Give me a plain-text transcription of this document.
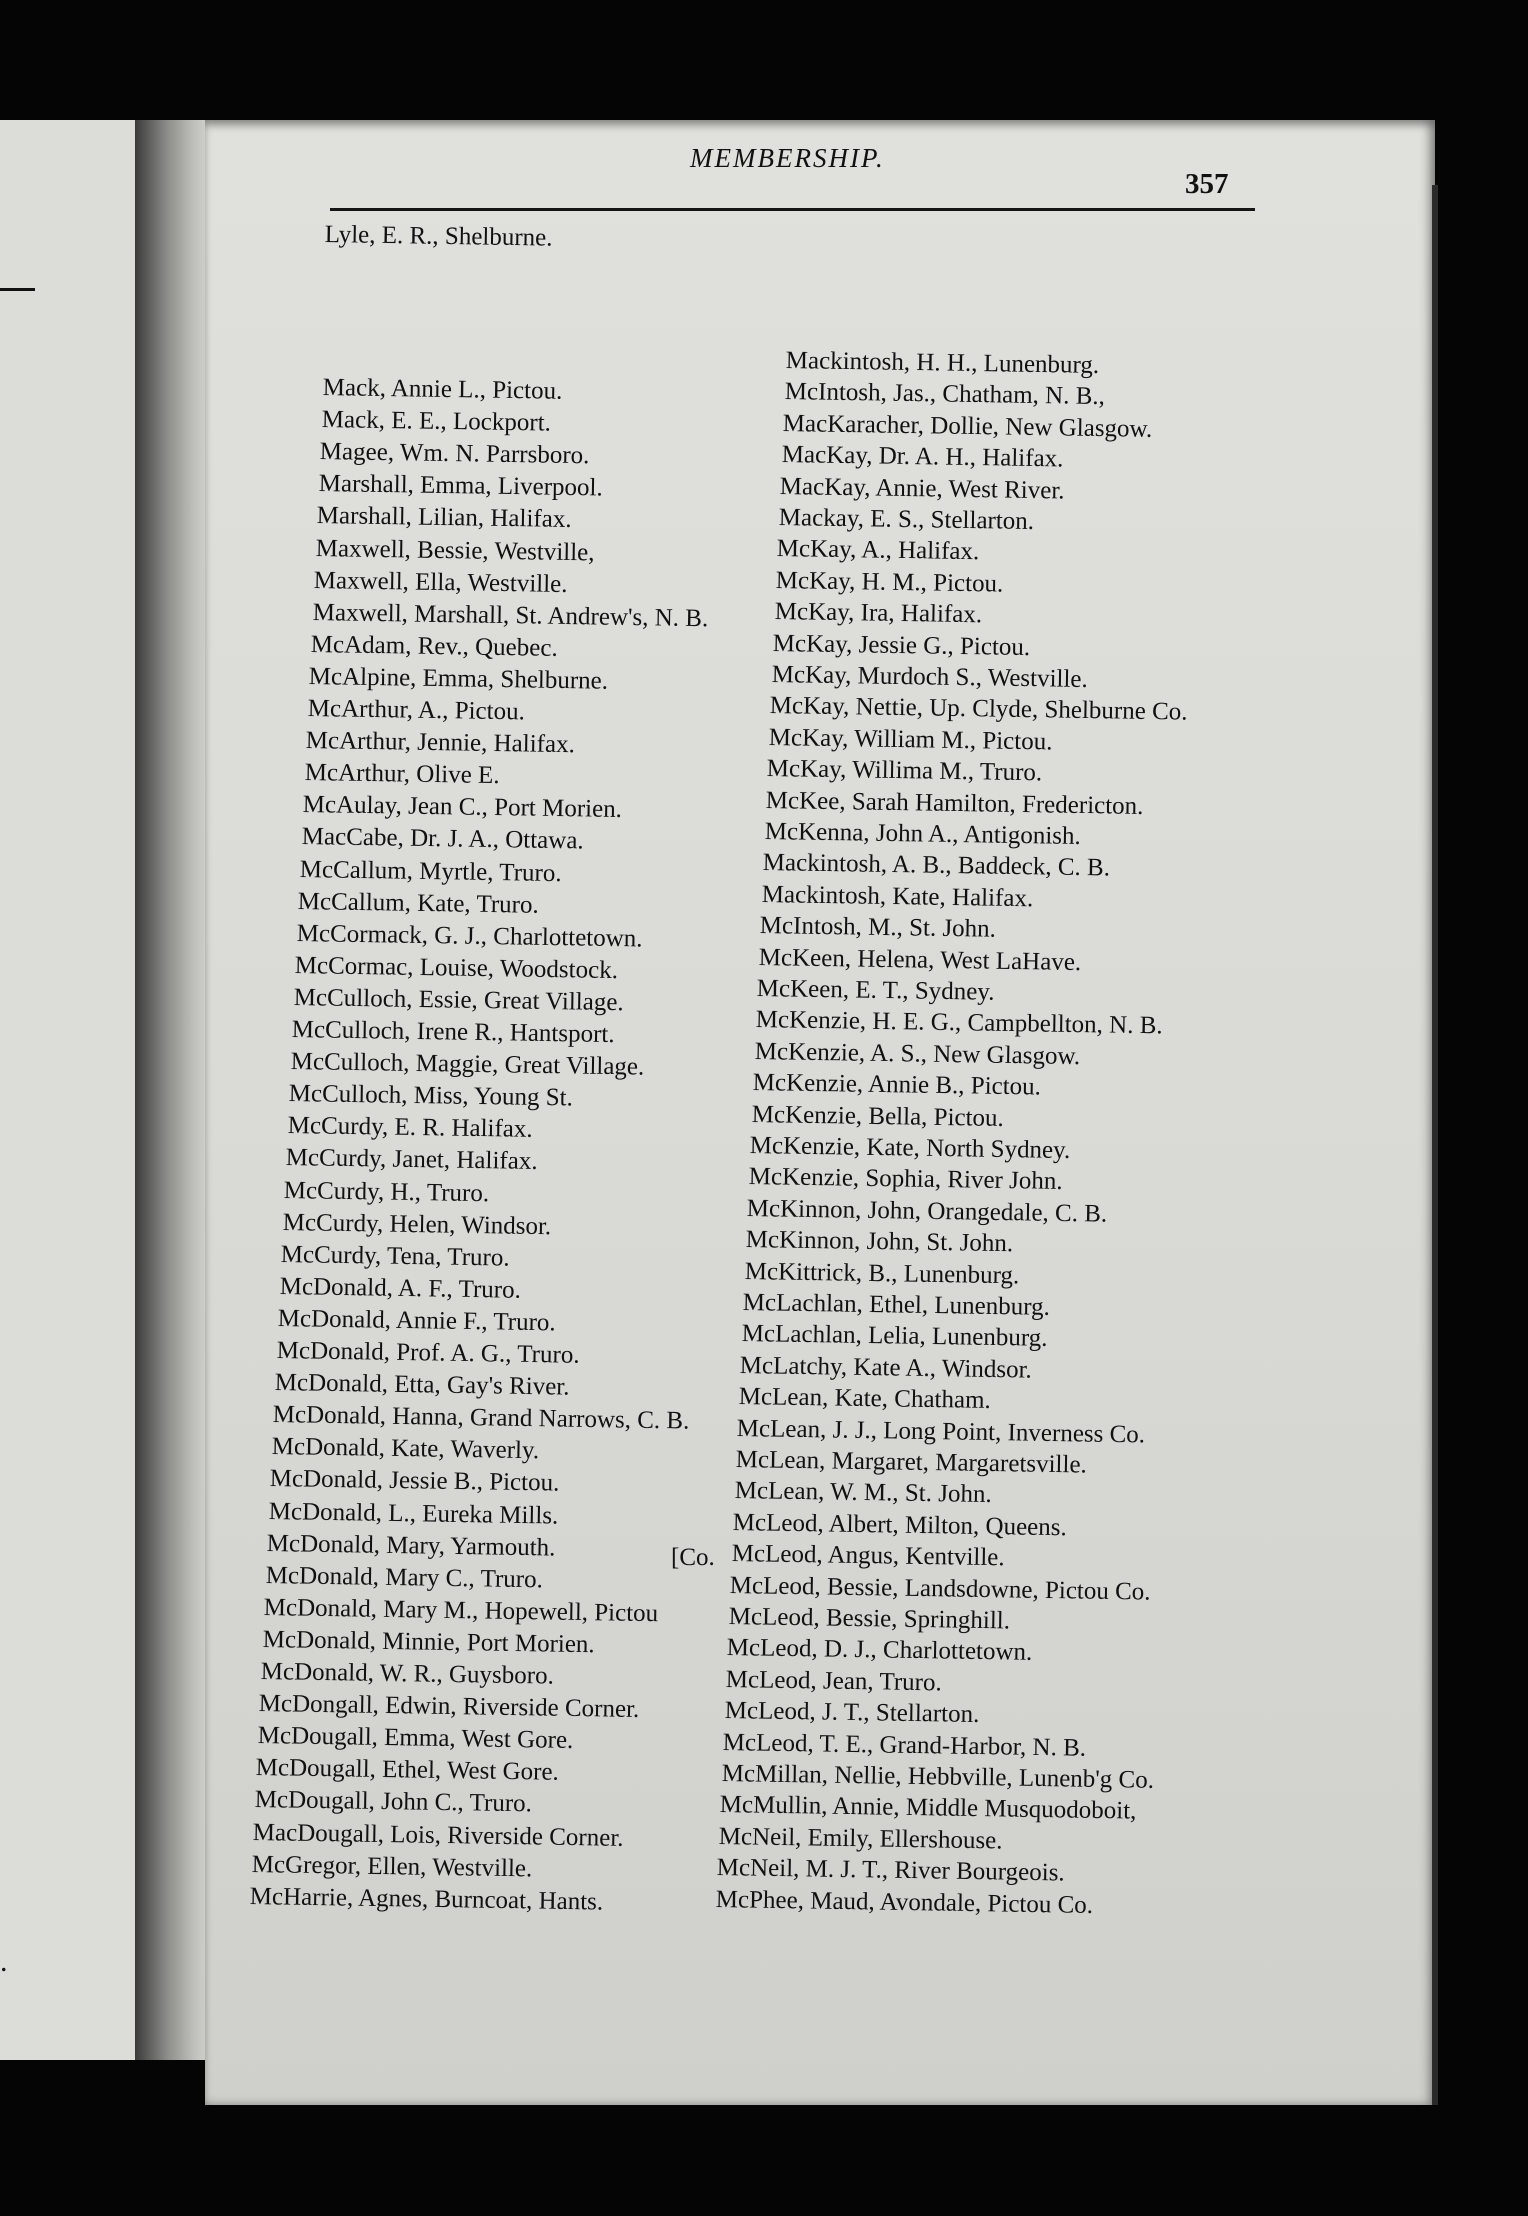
.
MEMBERSHIP.
357
Lyle, E. R., Shelburne.
Mack, Annie L., Pictou.
Mack, E. E., Lockport.
Magee, Wm. N. Parrsboro.
Marshall, Emma, Liverpool.
Marshall, Lilian, Halifax.
Maxwell, Bessie, Westville,
Maxwell, Ella, Westville.
Maxwell, Marshall, St. Andrew's, N. B.
McAdam, Rev., Quebec.
McAlpine, Emma, Shelburne.
McArthur, A., Pictou.
McArthur, Jennie, Halifax.
McArthur, Olive E.
McAulay, Jean C., Port Morien.
MacCabe, Dr. J. A., Ottawa.
McCallum, Myrtle, Truro.
McCallum, Kate, Truro.
McCormack, G. J., Charlottetown.
McCormac, Louise, Woodstock.
McCulloch, Essie, Great Village.
McCulloch, Irene R., Hantsport.
McCulloch, Maggie, Great Village.
McCulloch, Miss, Young St.
McCurdy, E. R. Halifax.
McCurdy, Janet, Halifax.
McCurdy, H., Truro.
McCurdy, Helen, Windsor.
McCurdy, Tena, Truro.
McDonald, A. F., Truro.
McDonald, Annie F., Truro.
McDonald, Prof. A. G., Truro.
McDonald, Etta, Gay's River.
McDonald, Hanna, Grand Narrows, C. B.
McDonald, Kate, Waverly.
McDonald, Jessie B., Pictou.
McDonald, L., Eureka Mills.
McDonald, Mary, Yarmouth.
McDonald, Mary C., Truro.
McDonald, Mary M., Hopewell, Pictou
McDonald, Minnie, Port Morien.
McDonald, W. R., Guysboro.
McDongall, Edwin, Riverside Corner.
McDougall, Emma, West Gore.
McDougall, Ethel, West Gore.
McDougall, John C., Truro.
MacDougall, Lois, Riverside Corner.
McGregor, Ellen, Westville.
McHarrie, Agnes, Burncoat, Hants.
Mackintosh, H. H., Lunenburg.
McIntosh, Jas., Chatham, N. B.,
MacKaracher, Dollie, New Glasgow.
MacKay, Dr. A. H., Halifax.
MacKay, Annie, West River.
Mackay, E. S., Stellarton.
McKay, A., Halifax.
McKay, H. M., Pictou.
McKay, Ira, Halifax.
McKay, Jessie G., Pictou.
McKay, Murdoch S., Westville.
McKay, Nettie, Up. Clyde, Shelburne Co.
McKay, William M., Pictou.
McKay, Willima M., Truro.
McKee, Sarah Hamilton, Fredericton.
McKenna, John A., Antigonish.
Mackintosh, A. B., Baddeck, C. B.
Mackintosh, Kate, Halifax.
McIntosh, M., St. John.
McKeen, Helena, West LaHave.
McKeen, E. T., Sydney.
McKenzie, H. E. G., Campbellton, N. B.
McKenzie, A. S., New Glasgow.
McKenzie, Annie B., Pictou.
McKenzie, Bella, Pictou.
McKenzie, Kate, North Sydney.
McKenzie, Sophia, River John.
McKinnon, John, Orangedale, C. B.
McKinnon, John, St. John.
McKittrick, B., Lunenburg.
McLachlan, Ethel, Lunenburg.
McLachlan, Lelia, Lunenburg.
McLatchy, Kate A., Windsor.
McLean, Kate, Chatham.
McLean, J. J., Long Point, Inverness Co.
McLean, Margaret, Margaretsville.
McLean, W. M., St. John.
McLeod, Albert, Milton, Queens.
McLeod, Angus, Kentville.
McLeod, Bessie, Landsdowne, Pictou Co.
McLeod, Bessie, Springhill.
McLeod, D. J., Charlottetown.
McLeod, Jean, Truro.
McLeod, J. T., Stellarton.
McLeod, T. E., Grand-Harbor, N. B.
McMillan, Nellie, Hebbville, Lunenb'g Co.
McMullin, Annie, Middle Musquodoboit,
McNeil, Emily, Ellershouse.
McNeil, M. J. T., River Bourgeois.
McPhee, Maud, Avondale, Pictou Co.
[Co.
